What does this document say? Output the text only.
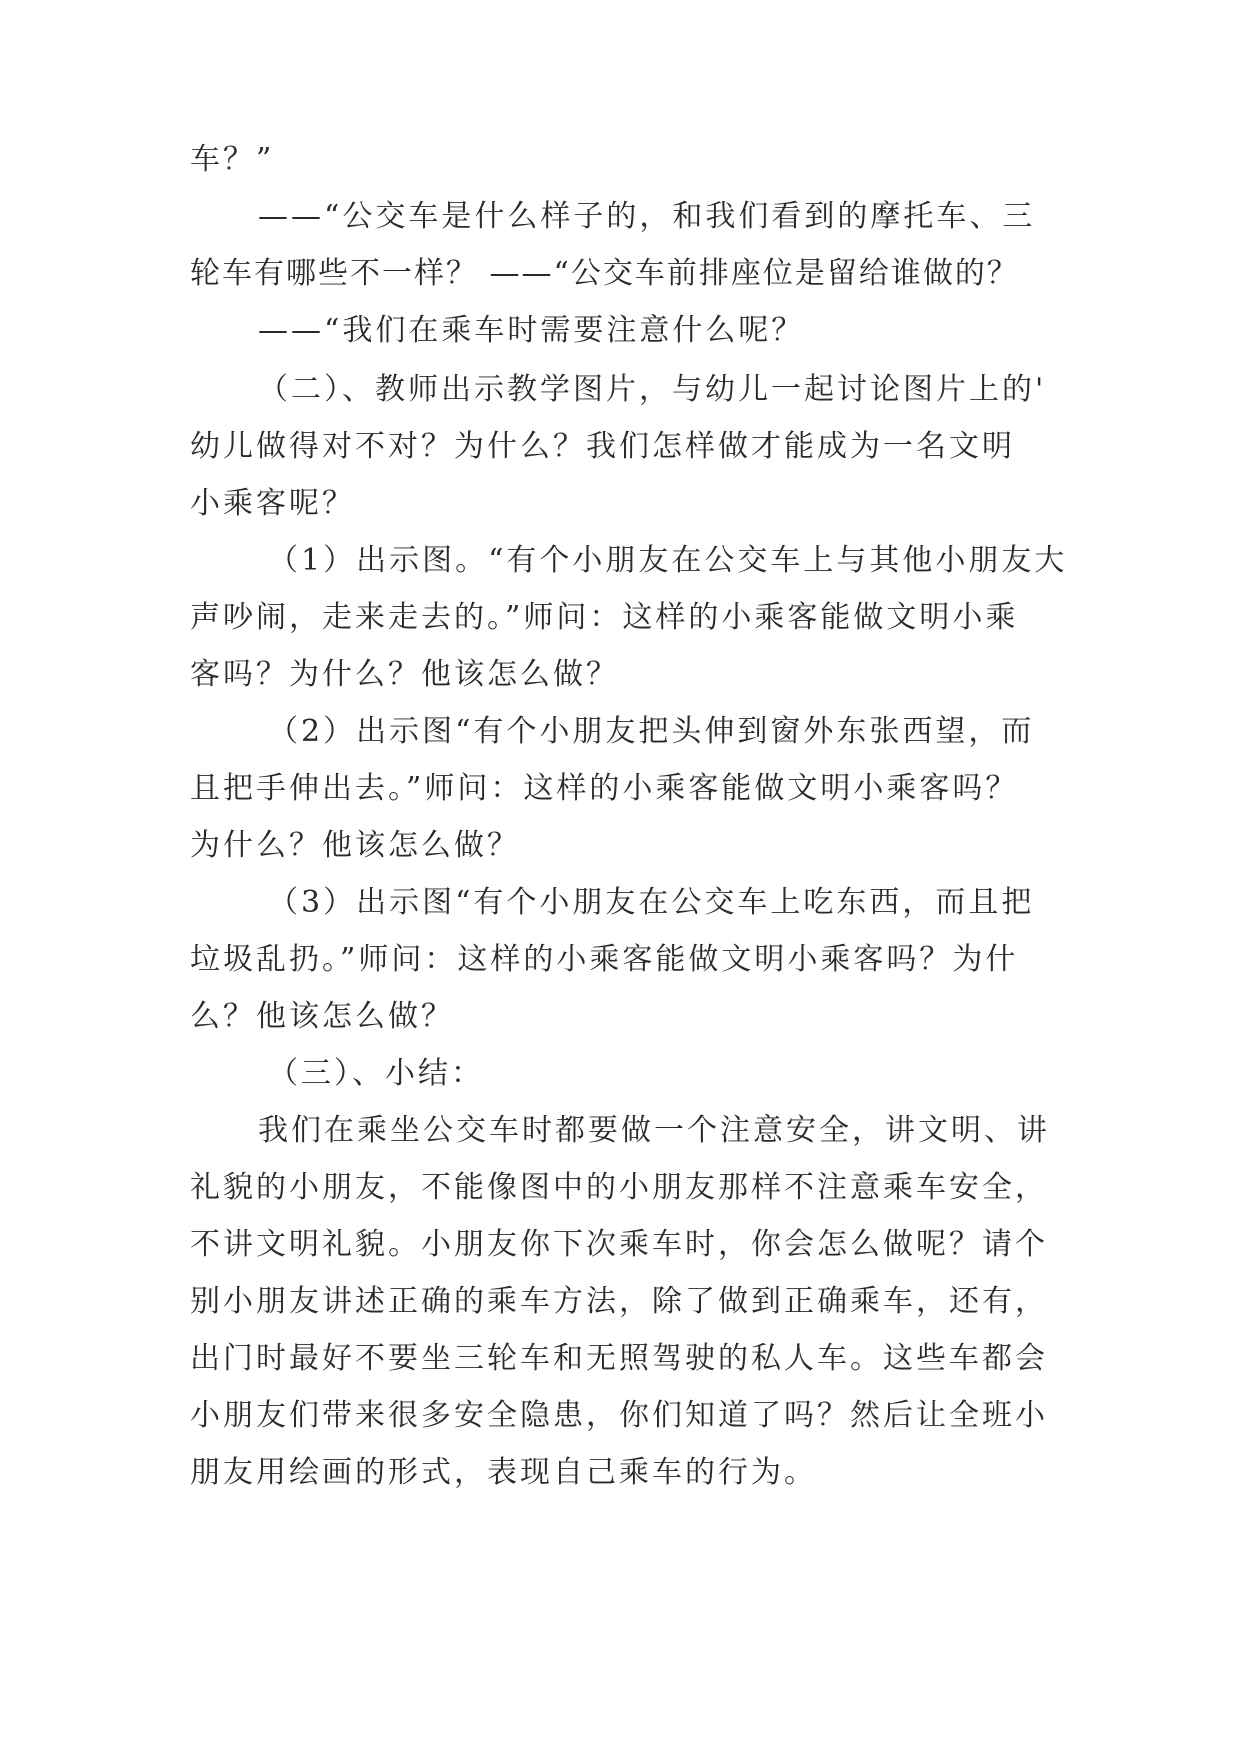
车？”

——“公交车是什么样子的，和我们看到的摩托车、三

轮车有哪些不一样？ ——“公交车前排座位是留给谁做的？

——“我们在乘车时需要注意什么呢？

（二）、教师出示教学图片，与幼儿一起讨论图片上的'

幼儿做得对不对？为什么？我们怎样做才能成为一名文明

小乘客呢？

（1）出示图。“有个小朋友在公交车上与其他小朋友大

声吵闹，走来走去的。”师问：这样的小乘客能做文明小乘

客吗？为什么？他该怎么做？

（2）出示图“有个小朋友把头伸到窗外东张西望，而

且把手伸出去。”师问：这样的小乘客能做文明小乘客吗？

为什么？他该怎么做？

（3）出示图“有个小朋友在公交车上吃东西，而且把

垃圾乱扔。”师问：这样的小乘客能做文明小乘客吗？为什

么？他该怎么做？

（三）、小结：

我们在乘坐公交车时都要做一个注意安全，讲文明、讲

礼貌的小朋友，不能像图中的小朋友那样不注意乘车安全，

不讲文明礼貌。小朋友你下次乘车时，你会怎么做呢？请个

别小朋友讲述正确的乘车方法，除了做到正确乘车，还有，

出门时最好不要坐三轮车和无照驾驶的私人车。这些车都会

小朋友们带来很多安全隐患，你们知道了吗？然后让全班小

朋友用绘画的形式，表现自己乘车的行为。
